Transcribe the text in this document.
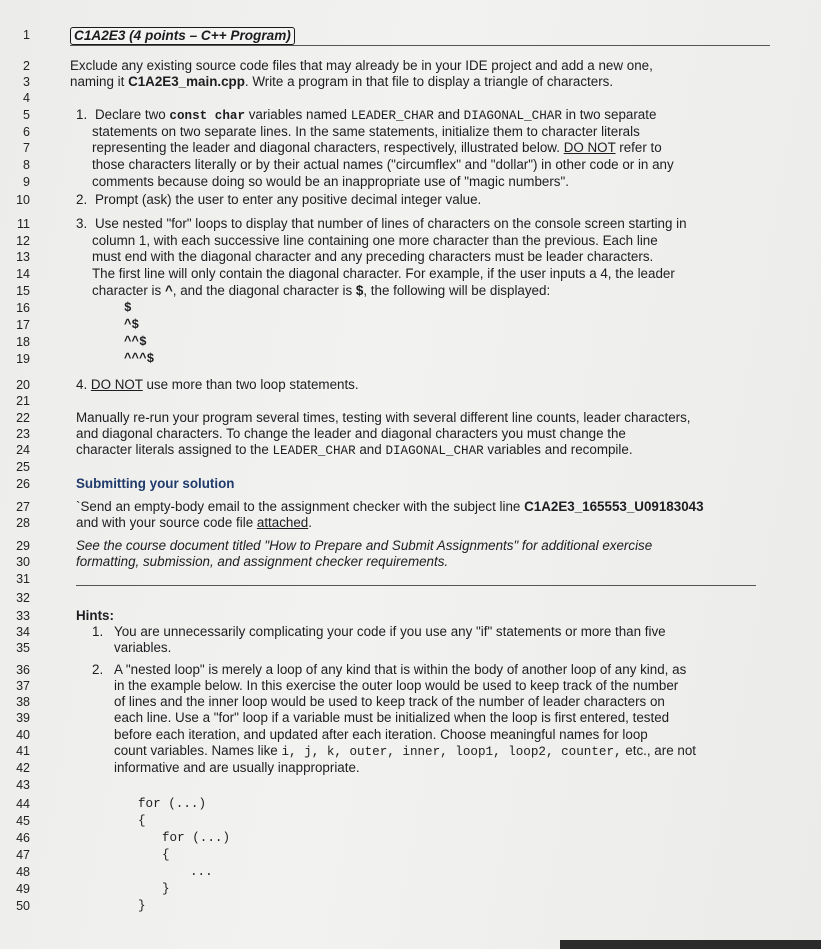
1
2
3
4
5
6
7
8
9
10
11
12
13
14
15
16
17
18
19
20
21
22
23
24
25
26
27
28
29
30
31
32
33
34
35
36
37
38
39
40
41
42
43
44
45
46
47
48
49
50
C1A2E3 (4 points – C++ Program)
Exclude any existing source code files that may already be in your IDE project and add a new one,
naming it C1A2E3_main.cpp. Write a program in that file to display a triangle of characters.
1. Declare two const char variables named LEADER_CHAR and DIAGONAL_CHAR in two separate
statements on two separate lines. In the same statements, initialize them to character literals
representing the leader and diagonal characters, respectively, illustrated below. DO NOT refer to
those characters literally or by their actual names ("circumflex" and "dollar") in other code or in any
comments because doing so would be an inappropriate use of "magic numbers".
2. Prompt (ask) the user to enter any positive decimal integer value.
3. Use nested "for" loops to display that number of lines of characters on the console screen starting in
column 1, with each successive line containing one more character than the previous. Each line
must end with the diagonal character and any preceding characters must be leader characters.
The first line will only contain the diagonal character. For example, if the user inputs a 4, the leader
character is ^, and the diagonal character is $, the following will be displayed:
$
^$
^^$
^^^$
4. DO NOT use more than two loop statements.
Manually re-run your program several times, testing with several different line counts, leader characters,
and diagonal characters. To change the leader and diagonal characters you must change the
character literals assigned to the LEADER_CHAR and DIAGONAL_CHAR variables and recompile.
Submitting your solution
`Send an empty-body email to the assignment checker with the subject line C1A2E3_165553_U09183043
and with your source code file attached.
See the course document titled "How to Prepare and Submit Assignments" for additional exercise
formatting, submission, and assignment checker requirements.
Hints:
1. You are unnecessarily complicating your code if you use any "if" statements or more than five
variables.
2. A "nested loop" is merely a loop of any kind that is within the body of another loop of any kind, as
in the example below. In this exercise the outer loop would be used to keep track of the number
of lines and the inner loop would be used to keep track of the number of leader characters on
each line. Use a "for" loop if a variable must be initialized when the loop is first entered, tested
before each iteration, and updated after each iteration. Choose meaningful names for loop
count variables. Names like i, j, k, outer, inner, loop1, loop2, counter, etc., are not
informative and are usually inappropriate.
for (...)
{
for (...)
{
...
}
}
